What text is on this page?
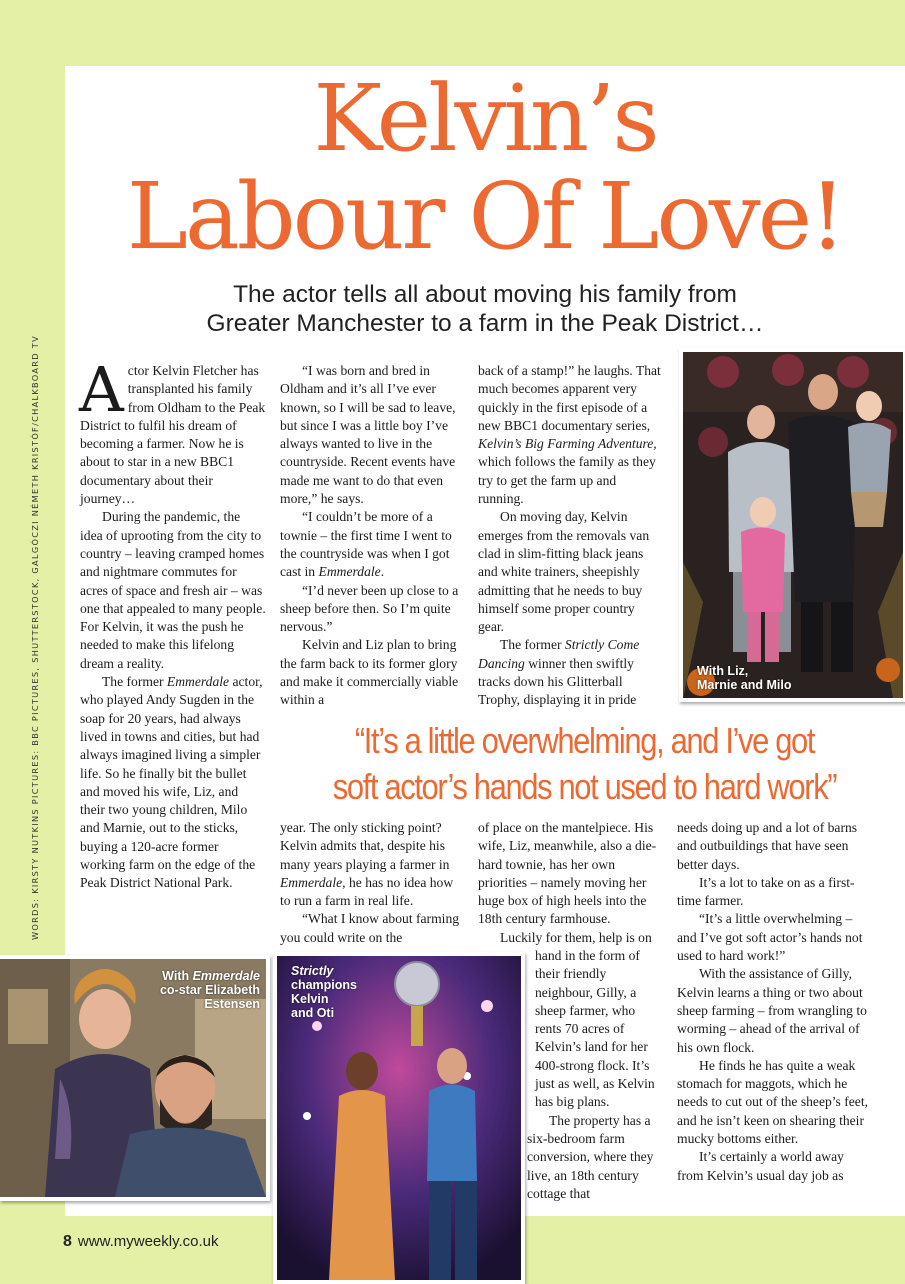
WORDS: KIRSTY NUTKINS PICTURES: BBC PICTURES, SHUTTERSTOCK, GALGÓCZI NÉMETH KRISTÓF/CHALKBOARD TV
Kelvin’s
Labour Of Love!
The actor tells all about moving his family from
Greater Manchester to a farm in the Peak District…

Actor Kelvin Fletcher has transplanted his family from Oldham to the Peak District to fulfil his dream of becoming a farmer. Now he is about to star in a new BBC1 documentary about their journey…

During the pandemic, the idea of uprooting from the city to country – leaving cramped homes and nightmare commutes for acres of space and fresh air – was one that appealed to many people. For Kelvin, it was the push he needed to make this lifelong dream a reality.

The former Emmerdale actor, who played Andy Sugden in the soap for 20 years, had always lived in towns and cities, but had always imagined living a simpler life. So he finally bit the bullet and moved his wife, Liz, and their two young children, Milo and Marnie, out to the sticks, buying a 120-acre former working farm on the edge of the Peak District National Park.

“I was born and bred in Oldham and it’s all I’ve ever known, so I will be sad to leave, but since I was a little boy I’ve always wanted to live in the countryside. Recent events have made me want to do that even more,” he says.

“I couldn’t be more of a townie – the first time I went to the countryside was when I got cast in Emmerdale.

“I’d never been up close to a sheep before then. So I’m quite nervous.”

Kelvin and Liz plan to bring the farm back to its former glory and make it commercially viable within a

back of a stamp!” he laughs. That much becomes apparent very quickly in the first episode of a new BBC1 documentary series, Kelvin’s Big Farming Adventure, which follows the family as they try to get the farm up and running.

On moving day, Kelvin emerges from the removals van clad in slim-fitting black jeans and white trainers, sheepishly admitting that he needs to buy himself some proper country gear.

The former Strictly Come Dancing winner then swiftly tracks down his Glitterball Trophy, displaying it in pride

With Liz,
Marnie and Milo
“It’s a little overwhelming, and I’ve got
soft actor’s hands not used to hard work”

year. The only sticking point? Kelvin admits that, despite his many years playing a farmer in Emmerdale, he has no idea how to run a farm in real life.

“What I know about farming you could write on the

of place on the mantelpiece. His wife, Liz, meanwhile, also a die-hard townie, has her own priorities – namely moving her huge box of high heels into the 18th century farmhouse.

Luckily for them, help is on

hand in the form of their friendly neighbour, Gilly, a sheep farmer, who rents 70 acres of Kelvin’s land for her 400-strong flock. It’s just as well, as Kelvin has big plans.

The property has a six-bedroom farm conversion, where they live, an 18th century cottage that

needs doing up and a lot of barns and outbuildings that have seen better days.

It’s a lot to take on as a first-time farmer.

“It’s a little overwhelming – and I’ve got soft actor’s hands not used to hard work!”

With the assistance of Gilly, Kelvin learns a thing or two about sheep farming – from wrangling to worming – ahead of the arrival of his own flock.

He finds he has quite a weak stomach for maggots, which he needs to cut out of the sheep’s feet, and he isn’t keen on shearing their mucky bottoms either.

It’s certainly a world away from Kelvin’s usual day job as

With Emmerdale
co-star Elizabeth
Estensen
Strictly
champions
Kelvin
and Oti
8 www.myweekly.co.uk
